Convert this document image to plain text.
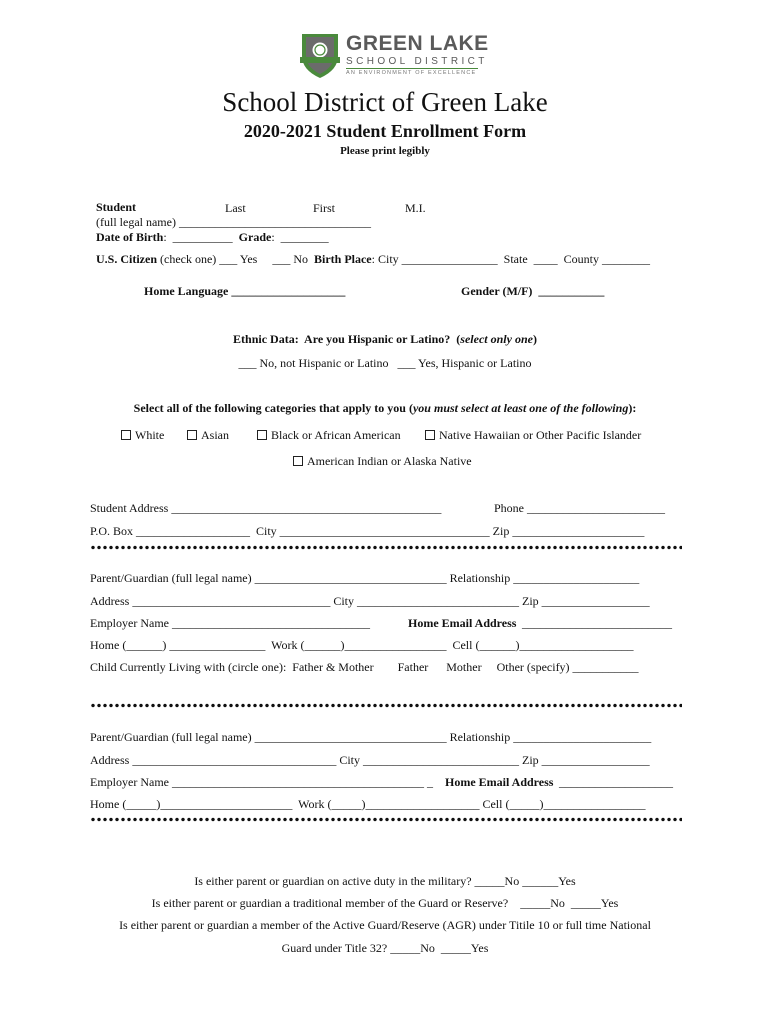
GREEN LAKE
SCHOOL DISTRICT
AN ENVIRONMENT OF EXCELLENCE
School District of Green Lake
2020-2021 Student Enrollment Form
Please print legibly

Student
(full legal name) ________________________________
Date of Birth:  __________  Grade:  ________

Last	First	M.I.

U.S. Citizen (check one) ___ Yes     ___ No  Birth Place: City ________________  State  ____  County ________

Home Language ___________________	Gender (M/F)  ___________
Ethnic Data:  Are you Hispanic or Latino?  (select only one)
___ No, not Hispanic or Latino   ___ Yes, Hispanic or Latino
Select all of the following categories that apply to you (you must select at least one of the following):
White	Asian	Black or African American	Native Hawaiian or Other Pacific Islander
American Indian or Alaska Native
Student Address _____________________________________________	Phone _______________________
P.O. Box ___________________  City ___________________________________ Zip ______________________
Parent/Guardian (full legal name) ________________________________ Relationship _____________________
Address _________________________________ City ___________________________ Zip __________________
Employer Name _________________________________	Home Email Address _________________________
Home (______) ________________  Work (______)_________________  Cell (______)___________________
Child Currently Living with (circle one):  Father & Mother        Father      Mother     Other (specify) ___________
Parent/Guardian (full legal name) ________________________________ Relationship _______________________
Address __________________________________ City __________________________ Zip __________________
Employer Name __________________________________________ _ Home Email Address ___________________
Home (_____)______________________  Work (_____)___________________ Cell (_____)_________________
Is either parent or guardian on active duty in the military? _____No ______Yes
Is either parent or guardian a traditional member of the Guard or Reserve?    _____No  _____Yes
Is either parent or guardian a member of the Active Guard/Reserve (AGR) under Titile 10 or full time National
Guard under Title 32? _____No  _____Yes
